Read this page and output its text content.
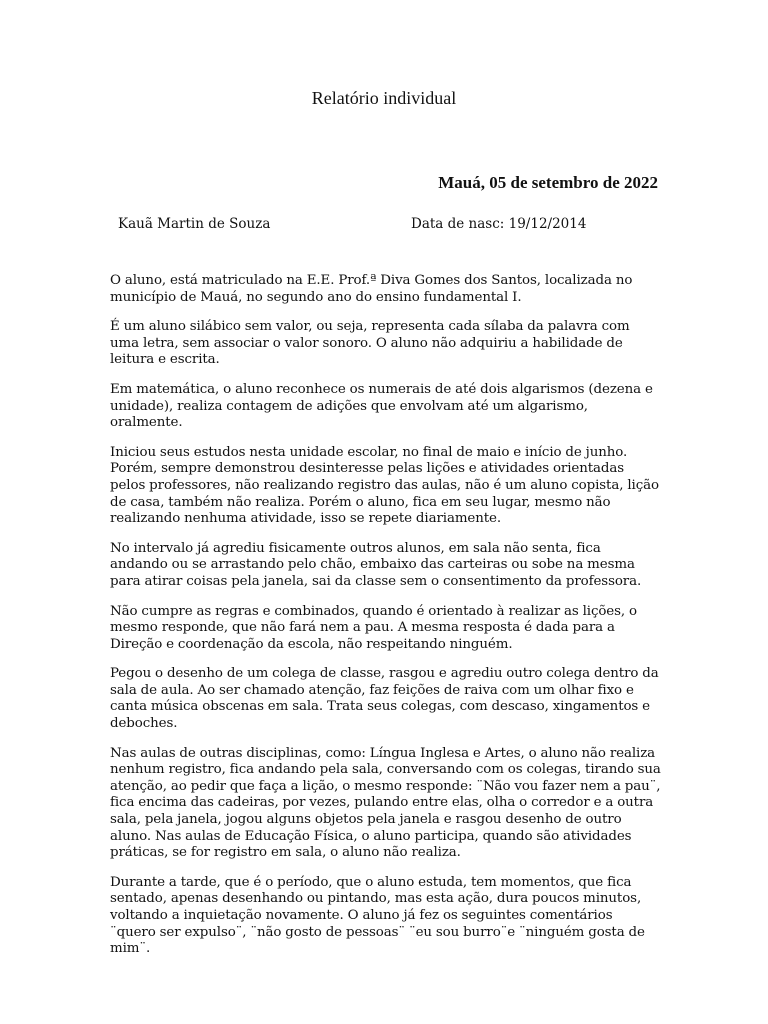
Relatório individual

Mauá, 05 de setembro de 2022

Kauã Martin de Souza	Data de nasc: 19/12/2014

O aluno, está matriculado na E.E. Prof.ª Diva Gomes dos Santos, localizada no município de Mauá, no segundo ano do ensino fundamental I.

É um aluno silábico sem valor, ou seja, representa cada sílaba da palavra com uma letra, sem associar o valor sonoro. O aluno não adquiriu a habilidade de leitura e escrita.

Em matemática, o aluno reconhece os numerais de até dois algarismos (dezena e unidade), realiza contagem de adições que envolvam até um algarismo, oralmente.

Iniciou seus estudos nesta unidade escolar, no final de maio e início de junho. Porém, sempre demonstrou desinteresse pelas lições e atividades orientadas pelos professores, não realizando registro das aulas, não é um aluno copista, lição de casa, também não realiza. Porém o aluno, fica em seu lugar, mesmo não realizando nenhuma atividade, isso se repete diariamente.

No intervalo já agrediu fisicamente outros alunos, em sala não senta, fica andando ou se arrastando pelo chão, embaixo das carteiras ou sobe na mesma para atirar coisas pela janela, sai da classe sem o consentimento da professora.

Não cumpre as regras e combinados, quando é orientado à realizar as lições, o mesmo responde, que não fará nem a pau. A mesma resposta é dada para a Direção e coordenação da escola, não respeitando ninguém.

Pegou o desenho de um colega de classe, rasgou e agrediu outro colega dentro da sala de aula. Ao ser chamado atenção, faz feições de raiva com um olhar fixo e canta música obscenas em sala. Trata seus colegas, com descaso, xingamentos e deboches.

Nas aulas de outras disciplinas, como: Língua Inglesa e Artes, o aluno não realiza nenhum registro, fica andando pela sala, conversando com os colegas, tirando sua atenção, ao pedir que faça a lição, o mesmo responde: ¨Não vou fazer nem a pau¨, fica encima das cadeiras, por vezes, pulando entre elas, olha o corredor e a outra sala, pela janela, jogou alguns objetos pela janela e rasgou desenho de outro aluno. Nas aulas de Educação Física, o aluno participa, quando são atividades práticas, se for registro em sala, o aluno não realiza.

Durante a tarde, que é o período, que o aluno estuda, tem momentos, que fica sentado, apenas desenhando ou pintando, mas esta ação, dura poucos minutos, voltando a inquietação novamente. O aluno já fez os seguintes comentários ¨quero ser expulso¨, ¨não gosto de pessoas¨ ¨eu sou burro¨e ¨ninguém gosta de mim¨.
